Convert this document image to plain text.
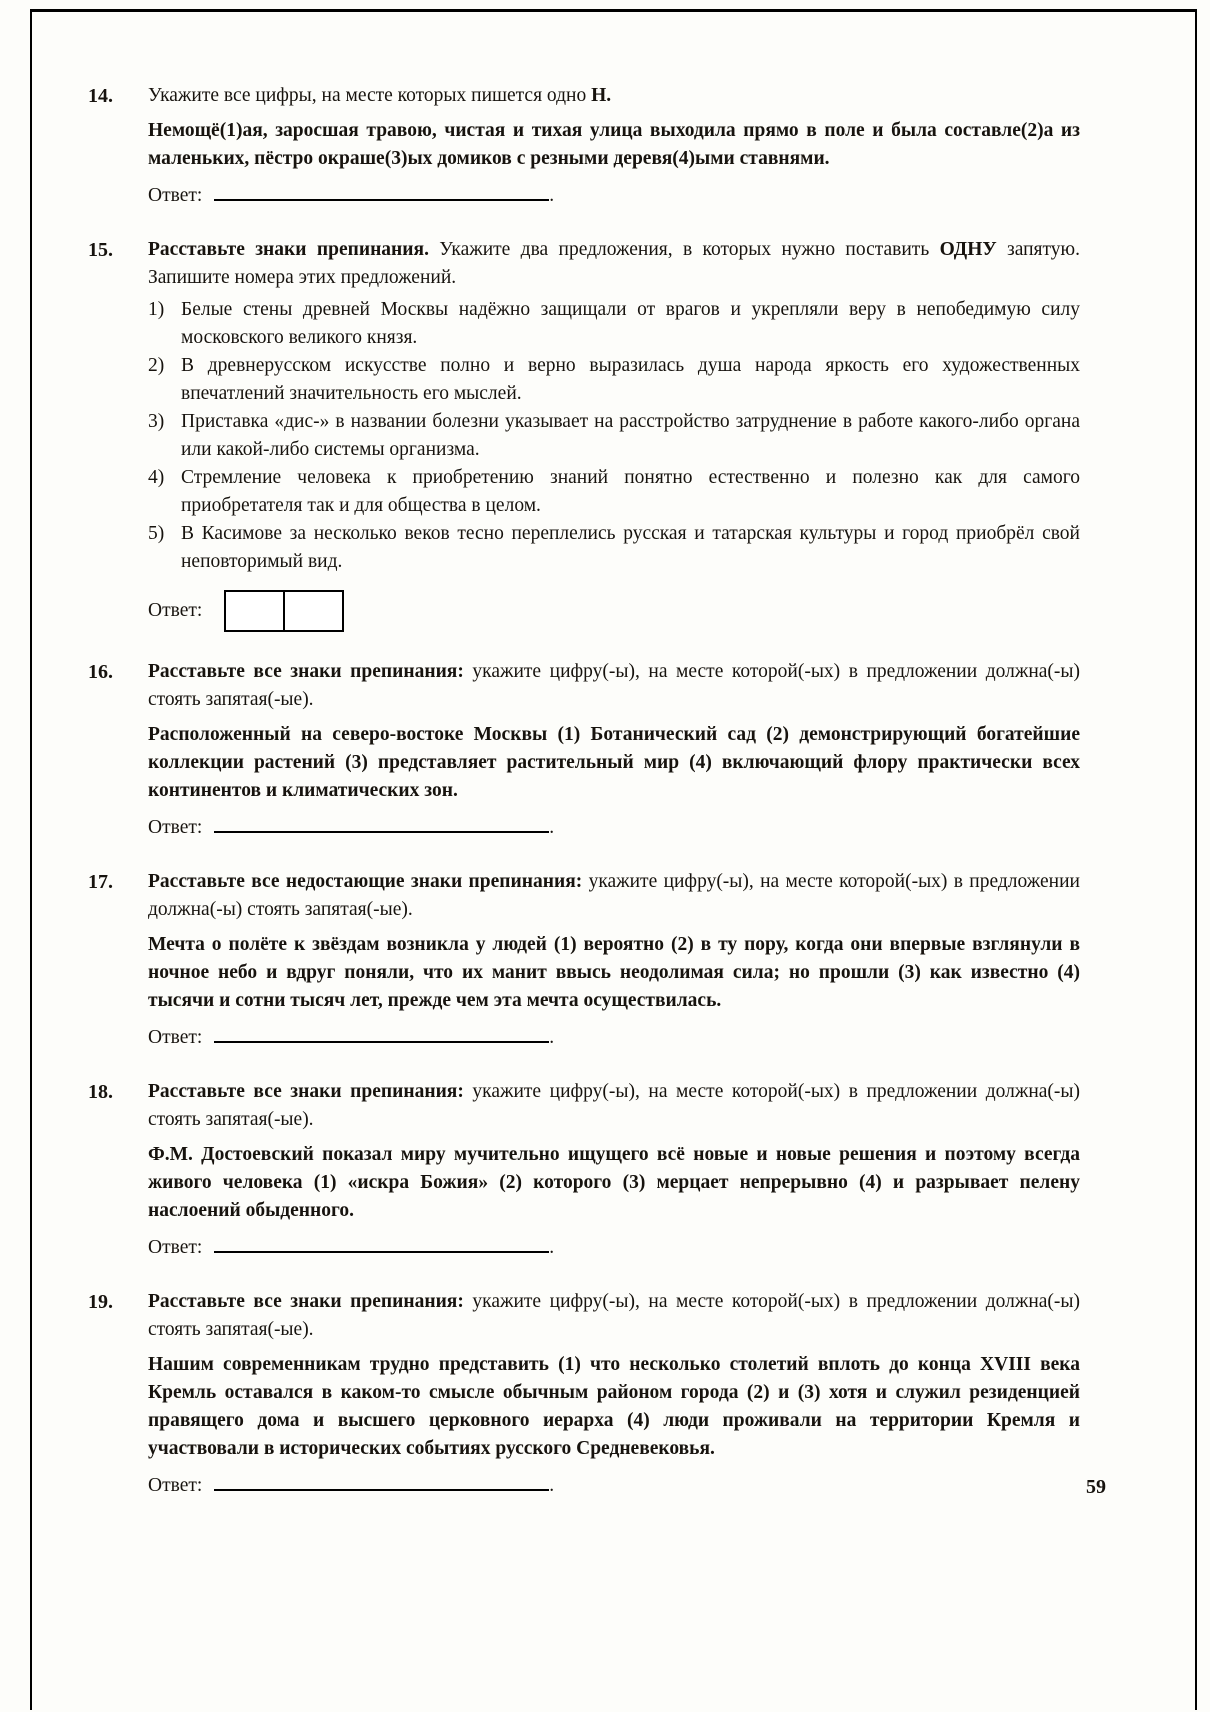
14.	Укажите все цифры, на месте которых пишется одно Н.

Немощё(1)ая, заросшая травою, чистая и тихая улица выходила прямо в поле и была составле(2)а из маленьких, пёстро окраше(3)ых домиков с резными деревя(4)ыми ставнями.

Ответ:	.
15.	Расставьте знаки препинания. Укажите два предложения, в которых нужно поставить ОДНУ запятую. Запишите номера этих предложений.

1) Белые стены древней Москвы надёжно защищали от врагов и укрепляли веру в непобедимую силу московского великого князя.
2) В древнерусском искусстве полно и верно выразилась душа народа яркость его художественных впечатлений значительность его мыслей.
3) Приставка «дис-» в названии болезни указывает на расстройство затруднение в работе какого-либо органа или какой-либо системы организма.
4) Стремление человека к приобретению знаний понятно естественно и полезно как для самого приобретателя так и для общества в целом.
5) В Касимове за несколько веков тесно переплелись русская и татарская культуры и город приобрёл свой неповторимый вид.
Ответ:
16.	Расставьте все знаки препинания: укажите цифру(-ы), на месте которой(-ых) в предложении должна(-ы) стоять запятая(-ые).

Расположенный на северо-востоке Москвы (1) Ботанический сад (2) демонстрирующий богатейшие коллекции растений (3) представляет растительный мир (4) включающий флору практически всех континентов и климатических зон.

Ответ:	.
17.	Расставьте все недостающие знаки препинания: укажите цифру(-ы), на месте которой(-ых) в предложении должна(-ы) стоять запятая(-ые).

Мечта о полёте к звёздам возникла у людей (1) вероятно (2) в ту пору, когда они впервые взглянули в ночное небо и вдруг поняли, что их манит ввысь неодолимая сила; но прошли (3) как известно (4) тысячи и сотни тысяч лет, прежде чем эта мечта осуществилась.

Ответ:	.
18.	Расставьте все знаки препинания: укажите цифру(-ы), на месте которой(-ых) в предложении должна(-ы) стоять запятая(-ые).

Ф.М. Достоевский показал миру мучительно ищущего всё новые и новые решения и поэтому всегда живого человека (1) «искра Божия» (2) которого (3) мерцает непрерывно (4) и разрывает пелену наслоений обыденного.

Ответ:	.
19.	Расставьте все знаки препинания: укажите цифру(-ы), на месте которой(-ых) в предложении должна(-ы) стоять запятая(-ые).

Нашим современникам трудно представить (1) что несколько столетий вплоть до конца XVIII века Кремль оставался в каком-то смысле обычным районом города (2) и (3) хотя и служил резиденцией правящего дома и высшего церковного иерарха (4) люди проживали на территории Кремля и участвовали в исторических событиях русского Средневековья.

Ответ:	.	59
